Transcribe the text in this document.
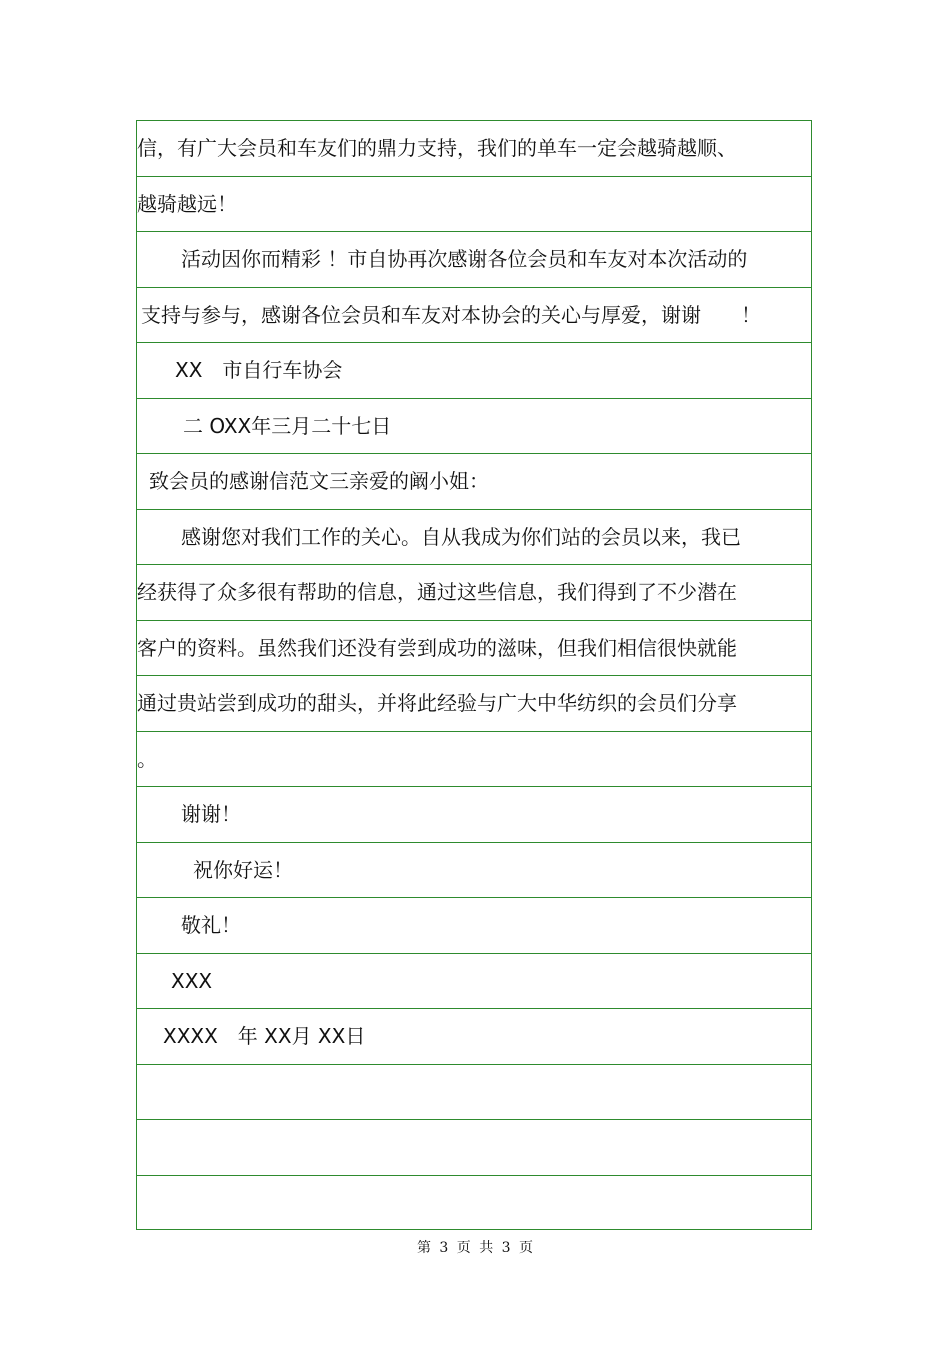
信，有广大会员和车友们的鼎力支持，我们的单车一定会越骑越顺、
越骑越远！
活动因你而精彩 ！市自协再次感谢各位会员和车友对本次活动的
支持与参与，感谢各位会员和车友对本协会的关心与厚爱，谢谢　　！
XX　市自行车协会
二 OXX年三月二十七日
致会员的感谢信范文三亲爱的阚小姐：
感谢您对我们工作的关心。自从我成为你们站的会员以来，我已
经获得了众多很有帮助的信息，通过这些信息，我们得到了不少潜在
客户的资料。虽然我们还没有尝到成功的滋味，但我们相信很快就能
通过贵站尝到成功的甜头，并将此经验与广大中华纺织的会员们分享
。
谢谢！
祝你好运！
敬礼！
XXX
XXXX　年 XX月 XX日
第 3 页 共 3 页
